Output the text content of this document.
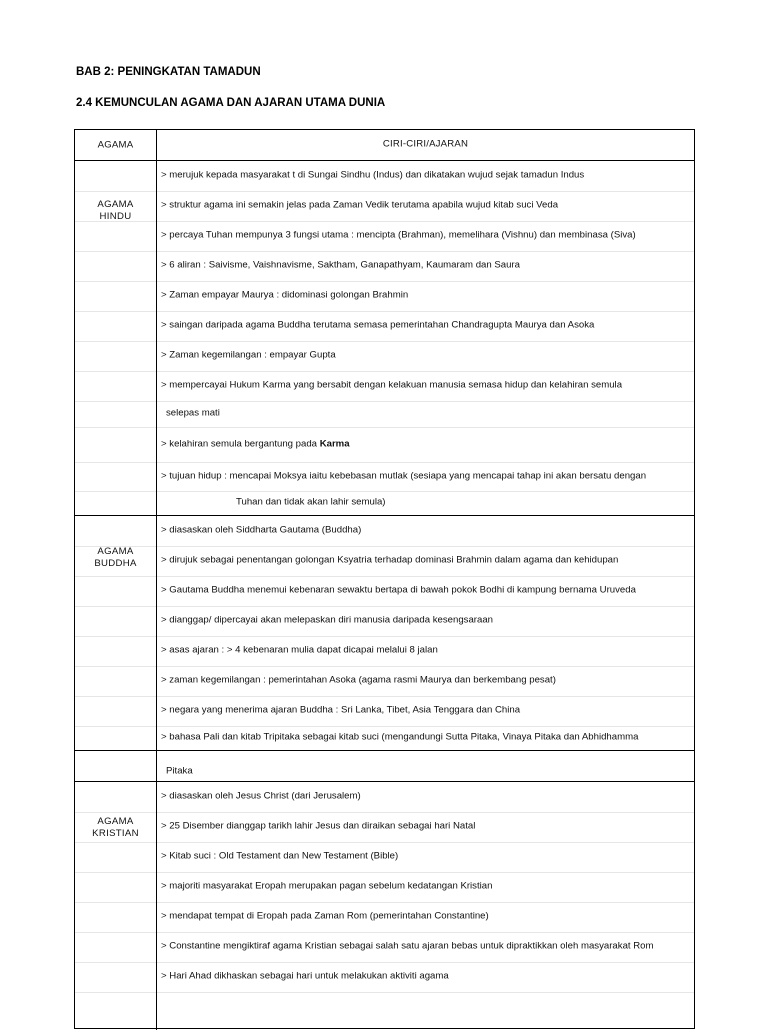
BAB 2: PENINGKATAN TAMADUN
2.4 KEMUNCULAN AGAMA DAN AJARAN UTAMA DUNIA
AGAMA	CIRI-CIRI/AJARAN
AGAMA
HINDU
> merujuk kepada masyarakat t di Sungai Sindhu (Indus) dan dikatakan wujud sejak tamadun Indus
> struktur agama ini semakin jelas pada Zaman Vedik terutama apabila wujud kitab suci Veda
> percaya Tuhan mempunya 3 fungsi utama : mencipta (Brahman), memelihara (Vishnu) dan membinasa (Siva)
> 6 aliran : Saivisme, Vaishnavisme, Saktham, Ganapathyam, Kaumaram dan Saura
> Zaman empayar Maurya : didominasi golongan Brahmin
> saingan daripada agama Buddha terutama semasa pemerintahan Chandragupta Maurya dan Asoka
> Zaman kegemilangan : empayar Gupta
> mempercayai Hukum Karma yang bersabit dengan kelakuan manusia semasa hidup dan kelahiran semula
selepas mati
> kelahiran semula bergantung pada Karma
> tujuan hidup : mencapai Moksya iaitu kebebasan mutlak (sesiapa yang mencapai tahap ini akan bersatu dengan
Tuhan dan tidak akan lahir semula)
AGAMA
BUDDHA
> diasaskan oleh Siddharta Gautama (Buddha)
> dirujuk sebagai penentangan golongan Ksyatria terhadap dominasi Brahmin dalam agama dan kehidupan
> Gautama Buddha menemui kebenaran sewaktu bertapa di bawah pokok Bodhi di kampung bernama Uruveda
> dianggap/ dipercayai akan melepaskan diri manusia daripada kesengsaraan
> asas ajaran : > 4 kebenaran mulia dapat dicapai melalui 8 jalan
> zaman kegemilangan : pemerintahan Asoka (agama rasmi Maurya dan berkembang pesat)
> negara yang menerima ajaran Buddha : Sri Lanka, Tibet, Asia Tenggara dan China
> bahasa Pali dan kitab Tripitaka sebagai kitab suci (mengandungi Sutta Pitaka, Vinaya Pitaka dan Abhidhamma
Pitaka
AGAMA
KRISTIAN
> diasaskan oleh Jesus Christ (dari Jerusalem)
> 25 Disember dianggap tarikh lahir Jesus dan diraikan sebagai hari Natal
> Kitab suci : Old Testament dan New Testament (Bible)
> majoriti masyarakat Eropah merupakan pagan sebelum kedatangan Kristian
> mendapat tempat di Eropah pada Zaman Rom (pemerintahan Constantine)
> Constantine mengiktiraf agama Kristian sebagai salah satu ajaran bebas untuk dipraktikkan oleh masyarakat Rom
> Hari Ahad dikhaskan sebagai hari untuk melakukan aktiviti agama
